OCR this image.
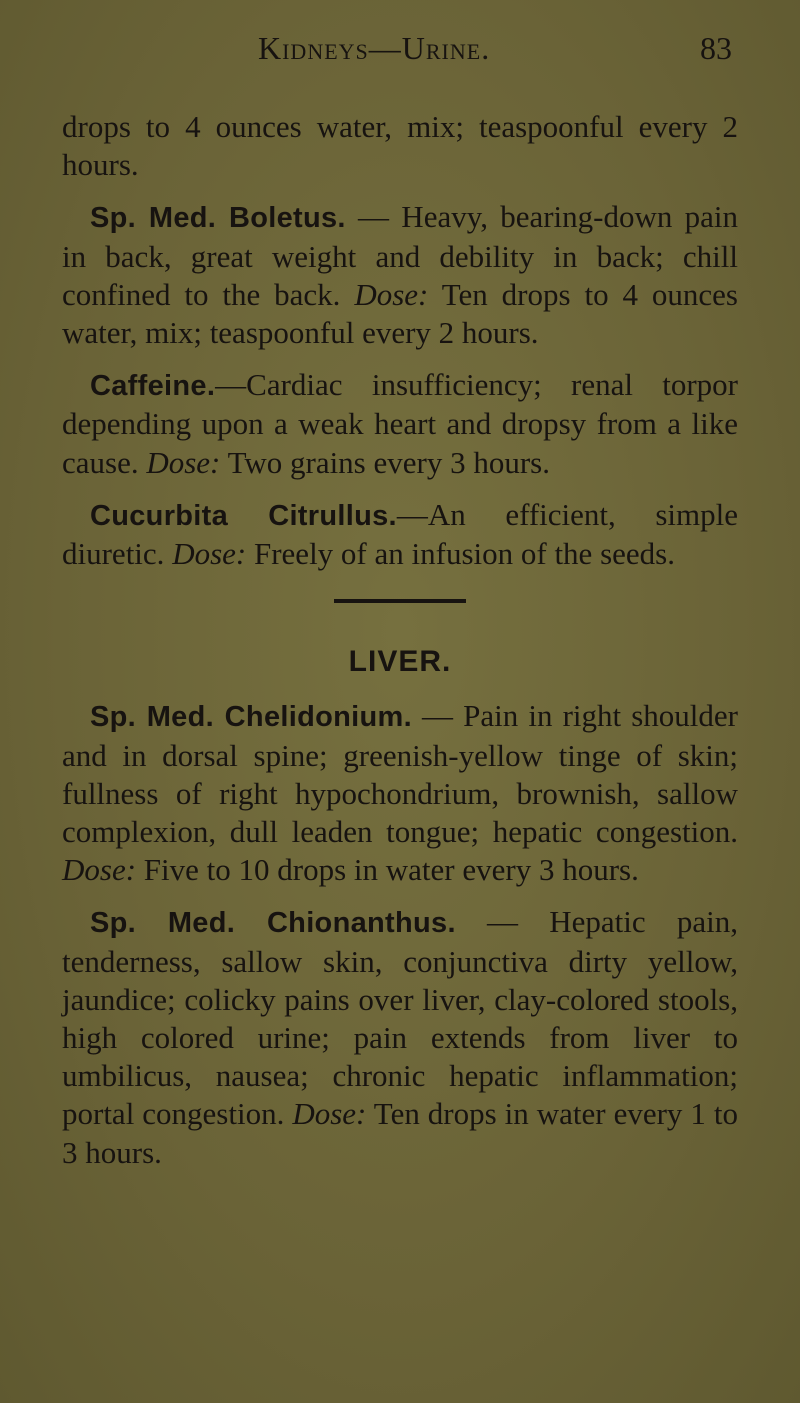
Kidneys—Urine.	83

drops to 4 ounces water, mix; teaspoonful every 2 hours.

Sp. Med. Boletus. — Heavy, bearing-down pain in back, great weight and debility in back; chill confined to the back. Dose: Ten drops to 4 ounces water, mix; teaspoonful every 2 hours.

Caffeine.—Cardiac insufficiency; renal torpor depending upon a weak heart and dropsy from a like cause. Dose: Two grains every 3 hours.

Cucurbita Citrullus.—An efficient, simple diuretic. Dose: Freely of an infusion of the seeds.

LIVER.

Sp. Med. Chelidonium. — Pain in right shoulder and in dorsal spine; greenish-yellow tinge of skin; fullness of right hypochondrium, brownish, sallow complexion, dull leaden tongue; hepatic congestion. Dose: Five to 10 drops in water every 3 hours.

Sp. Med. Chionanthus. — Hepatic pain, tenderness, sallow skin, conjunctiva dirty yellow, jaundice; colicky pains over liver, clay-colored stools, high colored urine; pain extends from liver to umbilicus, nausea; chronic hepatic inflammation; portal congestion. Dose: Ten drops in water every 1 to 3 hours.
